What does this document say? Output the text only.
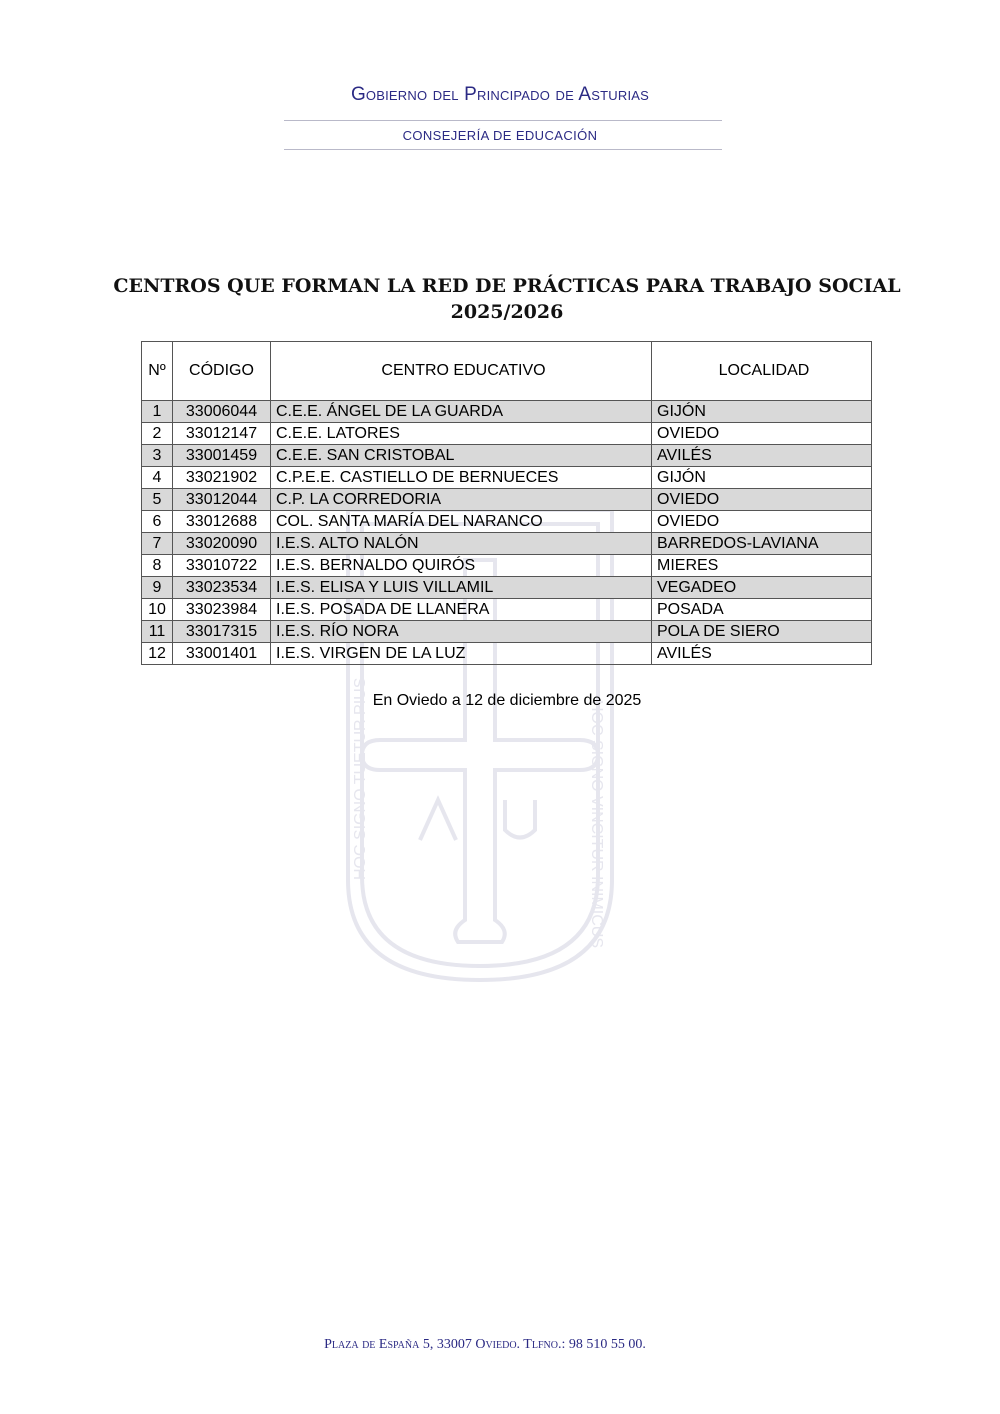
Gobierno del Principado de Asturias
CONSEJERÍA DE EDUCACIÓN
HOC SIGNO TUETUR PIUS	HOC SIGNO VINCITUR INIMICUS
CENTROS QUE FORMAN LA RED DE PRÁCTICAS PARA TRABAJO SOCIAL
2025/2026
Nº	CÓDIGO	CENTRO EDUCATIVO	LOCALIDAD
1	33006044	C.E.E. ÁNGEL DE LA GUARDA	GIJÓN
2	33012147	C.E.E. LATORES	OVIEDO
3	33001459	C.E.E. SAN CRISTOBAL	AVILÉS
4	33021902	C.P.E.E. CASTIELLO DE BERNUECES	GIJÓN
5	33012044	C.P. LA CORREDORIA	OVIEDO
6	33012688	COL. SANTA MARÍA DEL NARANCO	OVIEDO
7	33020090	I.E.S. ALTO NALÓN	BARREDOS-LAVIANA
8	33010722	I.E.S. BERNALDO QUIRÓS	MIERES
9	33023534	I.E.S. ELISA Y LUIS VILLAMIL	VEGADEO
10	33023984	I.E.S. POSADA DE LLANERA	POSADA
11	33017315	I.E.S. RÍO NORA	POLA DE SIERO
12	33001401	I.E.S. VIRGEN DE LA LUZ	AVILÉS
En Oviedo a 12 de diciembre de 2025
Plaza de España 5, 33007 Oviedo. Tlfno.: 98 510 55 00.
